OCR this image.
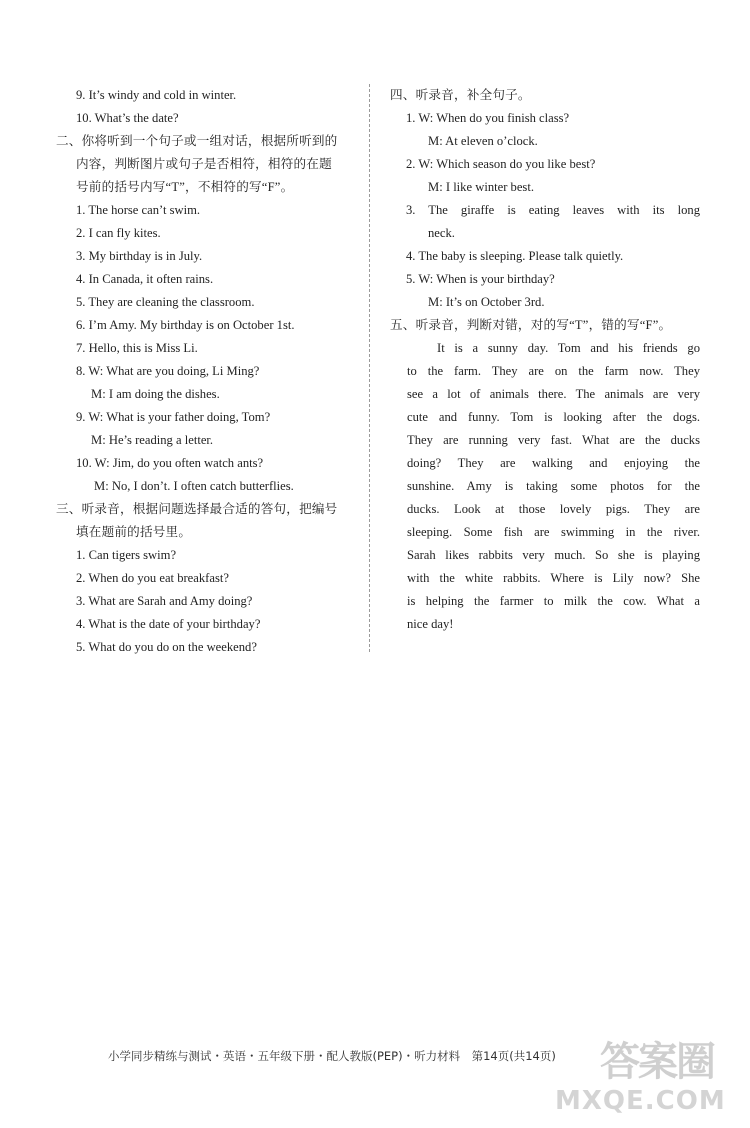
9. It’s windy and cold in winter.
10. What’s the date?
二、你将听到一个句子或一组对话，根据所听到的
内容，判断图片或句子是否相符，相符的在题
号前的括号内写“T”，不相符的写“F”。
1. The horse can’t swim.
2. I can fly kites.
3. My birthday is in July.
4. In Canada, it often rains.
5. They are cleaning the classroom.
6. I’m Amy. My birthday is on October 1st.
7. Hello, this is Miss Li.
8. W: What are you doing, Li Ming?
M: I am doing the dishes.
9. W: What is your father doing, Tom?
M: He’s reading a letter.
10. W: Jim, do you often watch ants?
M: No, I don’t. I often catch butterflies.
三、听录音，根据问题选择最合适的答句，把编号
填在题前的括号里。
1. Can tigers swim?
2. When do you eat breakfast?
3. What are Sarah and Amy doing?
4. What is the date of your birthday?
5. What do you do on the weekend?
四、听录音，补全句子。
1. W: When do you finish class?
M: At eleven o’clock.
2. W: Which season do you like best?
M: I like winter best.
3. The giraffe is eating leaves with its long
neck.
4. The baby is sleeping. Please talk quietly.
5. W: When is your birthday?
M: It’s on October 3rd.
五、听录音，判断对错，对的写“T”，错的写“F”。
It is a sunny day. Tom and his friends go
to the farm. They are on the farm now. They
see a lot of animals there. The animals are very
cute and funny. Tom is looking after the dogs.
They are running very fast. What are the ducks
doing? They are walking and enjoying the
sunshine. Amy is taking some photos for the
ducks. Look at those lovely pigs. They are
sleeping. Some fish are swimming in the river.
Sarah likes rabbits very much. So she is playing
with the white rabbits. Where is Lily now? She
is helping the farmer to milk the cow. What a
nice day!
小学同步精练与测试・英语・五年级下册・配人教版(PEP)・听力材料　第14页(共14页) 答案圈
MXQE.COM
